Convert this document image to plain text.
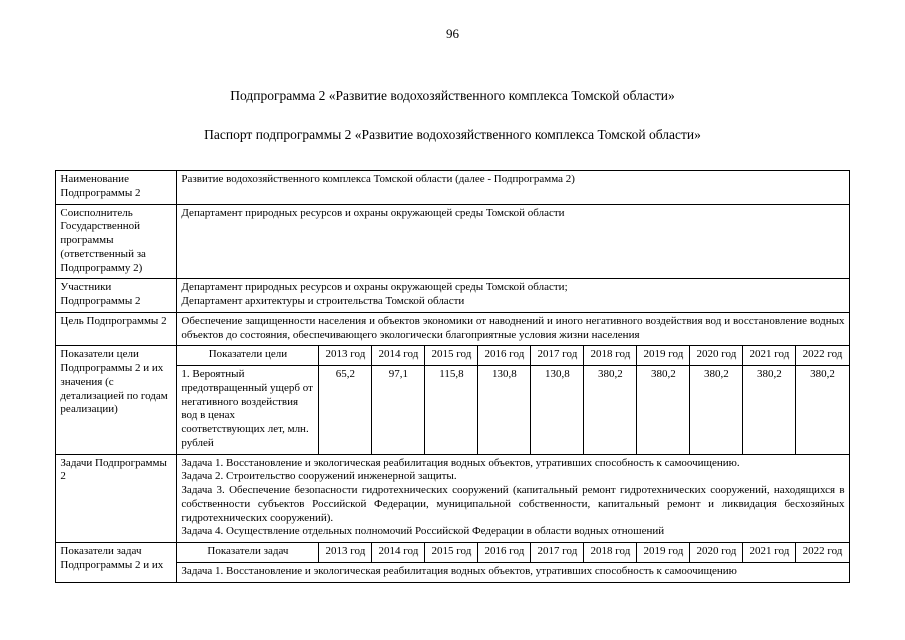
96
Подпрограмма 2 «Развитие водохозяйственного комплекса Томской области»
Паспорт подпрограммы 2 «Развитие водохозяйственного комплекса Томской области»
Наименование Подпрограммы 2	Развитие водохозяйственного комплекса Томской области (далее - Подпрограмма 2)										
Соисполнитель Государственной программы (ответственный за Подпрограмму 2)	Департамент природных ресурсов и охраны окружающей среды Томской области										
Участники Подпрограммы 2	Департамент природных ресурсов и охраны окружающей среды Томской области;
Департамент архитектуры и строительства Томской области										

Цель Подпрограммы 2	Обеспечение защищенности населения и объектов экономики от наводнений и иного негативного воздействия вод и восстановление водных объектов до состояния, обеспечивающего экологически благоприятные условия жизни населения										
Показатели цели Подпрограммы 2 и их значения (с детализацией по годам реализации)	Показатели цели	2013 год	2014 год	2015 год	2016 год	2017 год	2018 год	2019 год	2020 год	2021 год	2022 год
	1. Вероятный предотвращенный ущерб от негативного воздействия вод в ценах соответствующих лет, млн. рублей	65,2	97,1	115,8	130,8	130,8	380,2	380,2	380,2	380,2	380,2
Задачи Подпрограммы 2	Задача 1. Восстановление и экологическая реабилитация водных объектов, утративших способность к самоочищению.
Задача 2. Строительство сооружений инженерной защиты.
Задача 3. Обеспечение безопасности гидротехнических сооружений (капитальный ремонт гидротехнических сооружений, находящихся в собственности субъектов Российской Федерации, муниципальной собственности, капитальный ремонт и ликвидация бесхозяйных гидротехнических сооружений).
Задача 4. Осуществление отдельных полномочий Российской Федерации в области водных отношений										

Показатели задач Подпрограммы 2 и их	Показатели задач	2013 год	2014 год	2015 год	2016 год	2017 год	2018 год	2019 год	2020 год	2021 год	2022 год
	Задача 1. Восстановление и экологическая реабилитация водных объектов, утративших способность к самоочищению										
